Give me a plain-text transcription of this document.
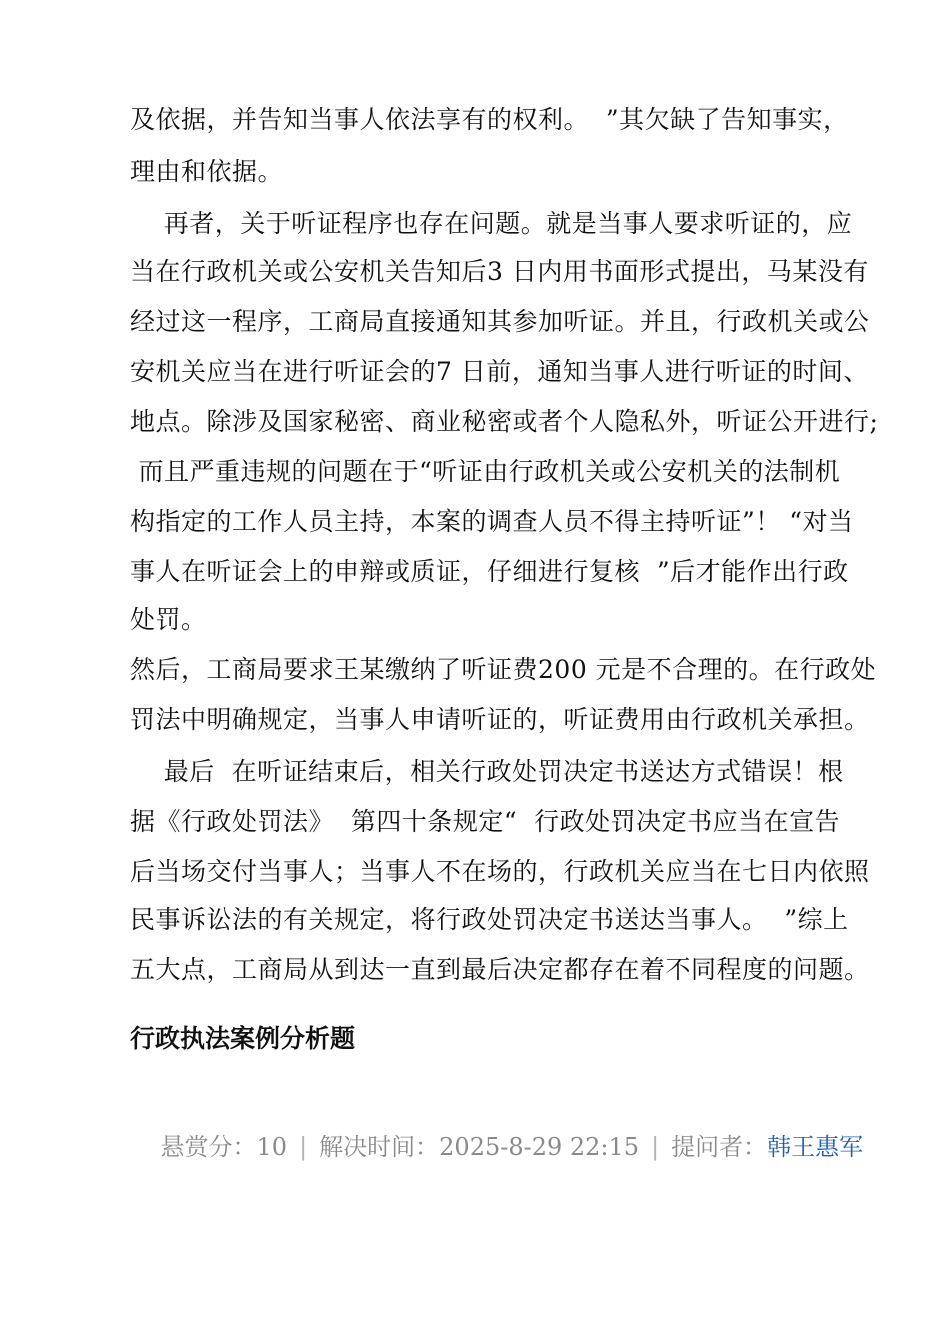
及依据，并告知当事人依法享有的权利。  ”其欠缺了告知事实，
理由和依据。
再者，关于听证程序也存在问题。就是当事人要求听证的，应
当在行政机关或公安机关告知后3 日内用书面形式提出，马某没有
经过这一程序，工商局直接通知其参加听证。并且，行政机关或公
安机关应当在进行听证会的7 日前，通知当事人进行听证的时间、
地点。除涉及国家秘密、商业秘密或者个人隐私外，听证公开进行;
而且严重违规的问题在于“听证由行政机关或公安机关的法制机
构指定的工作人员主持，本案的调查人员不得主持听证”！ “对当
事人在听证会上的申辩或质证，仔细进行复核  ”后才能作出行政
处罚。
然后，工商局要求王某缴纳了听证费200 元是不合理的。在行政处
罚法中明确规定，当事人申请听证的，听证费用由行政机关承担。
最后  在听证结束后，相关行政处罚决定书送达方式错误！根
据《行政处罚法》  第四十条规定“  行政处罚决定书应当在宣告
后当场交付当事人；当事人不在场的，行政机关应当在七日内依照
民事诉讼法的有关规定，将行政处罚决定书送达当事人。  ”综上
五大点，工商局从到达一直到最后决定都存在着不同程度的问题。
行政执法案例分析题

悬赏分：10 | 解决时间：2025-8-29 22:15 | 提问者：韩王惠军
